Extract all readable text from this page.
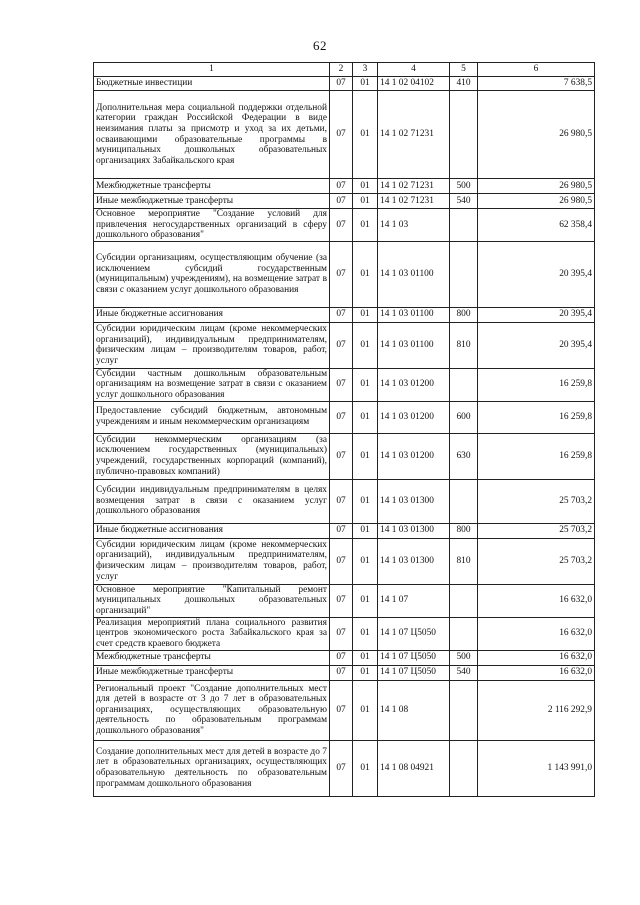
62
1	2	3	4	5	6
Бюджетные инвестиции	07	01	14 1 02 04102	410	7 638,5
Дополнительная мера социальной поддержки отдельной категории граждан Российской Федерации в виде неизимания платы за присмотр и уход за их детьми, осваивающими образовательные программы в муниципальных дошкольных образовательных организациях Забайкальского края	07	01	14 1 02 71231		26 980,5
Межбюджетные трансферты	07	01	14 1 02 71231	500	26 980,5
Иные межбюджетные трансферты	07	01	14 1 02 71231	540	26 980,5
Основное мероприятие "Создание условий для привлечения негосударственных организаций в сферу дошкольного образования"	07	01	14 1 03		62 358,4
Субсидии организациям, осуществляющим обучение (за исключением субсидий государственным (муниципальным) учреждениям), на возмещение затрат в связи с оказанием услуг дошкольного образования	07	01	14 1 03 01100		20 395,4
Иные бюджетные ассигнования	07	01	14 1 03 01100	800	20 395,4
Субсидии юридическим лицам (кроме некоммерческих организаций), индивидуальным предпринимателям, физическим лицам – производителям товаров, работ, услуг	07	01	14 1 03 01100	810	20 395,4
Субсидии частным дошкольным образовательным организациям на возмещение затрат в связи с оказанием услуг дошкольного образования	07	01	14 1 03 01200		16 259,8
Предоставление субсидий бюджетным, автономным учреждениям и иным некоммерческим организациям	07	01	14 1 03 01200	600	16 259,8
Субсидии некоммерческим организациям (за исключением государственных (муниципальных) учреждений, государственных корпораций (компаний), публично-правовых компаний)	07	01	14 1 03 01200	630	16 259,8
Субсидии индивидуальным предпринимателям в целях возмещения затрат в связи с оказанием услуг дошкольного образования	07	01	14 1 03 01300		25 703,2
Иные бюджетные ассигнования	07	01	14 1 03 01300	800	25 703,2
Субсидии юридическим лицам (кроме некоммерческих организаций), индивидуальным предпринимателям, физическим лицам – производителям товаров, работ, услуг	07	01	14 1 03 01300	810	25 703,2
Основное мероприятие "Капитальный ремонт муниципальных дошкольных образовательных организаций"	07	01	14 1 07		16 632,0
Реализация мероприятий плана социального развития центров экономического роста Забайкальского края за счет средств краевого бюджета	07	01	14 1 07 Ц5050		16 632,0
Межбюджетные трансферты	07	01	14 1 07 Ц5050	500	16 632,0
Иные межбюджетные трансферты	07	01	14 1 07 Ц5050	540	16 632,0
Региональный проект "Создание дополнительных мест для детей в возрасте от 3 до 7 лет в образовательных организациях, осуществляющих образовательную деятельность по образовательным программам дошкольного образования"	07	01	14 1 08		2 116 292,9
Создание дополнительных мест для детей в возрасте до 7 лет в образовательных организациях, осуществляющих образовательную деятельность по образовательным программам дошкольного образования	07	01	14 1 08 04921		1 143 991,0
